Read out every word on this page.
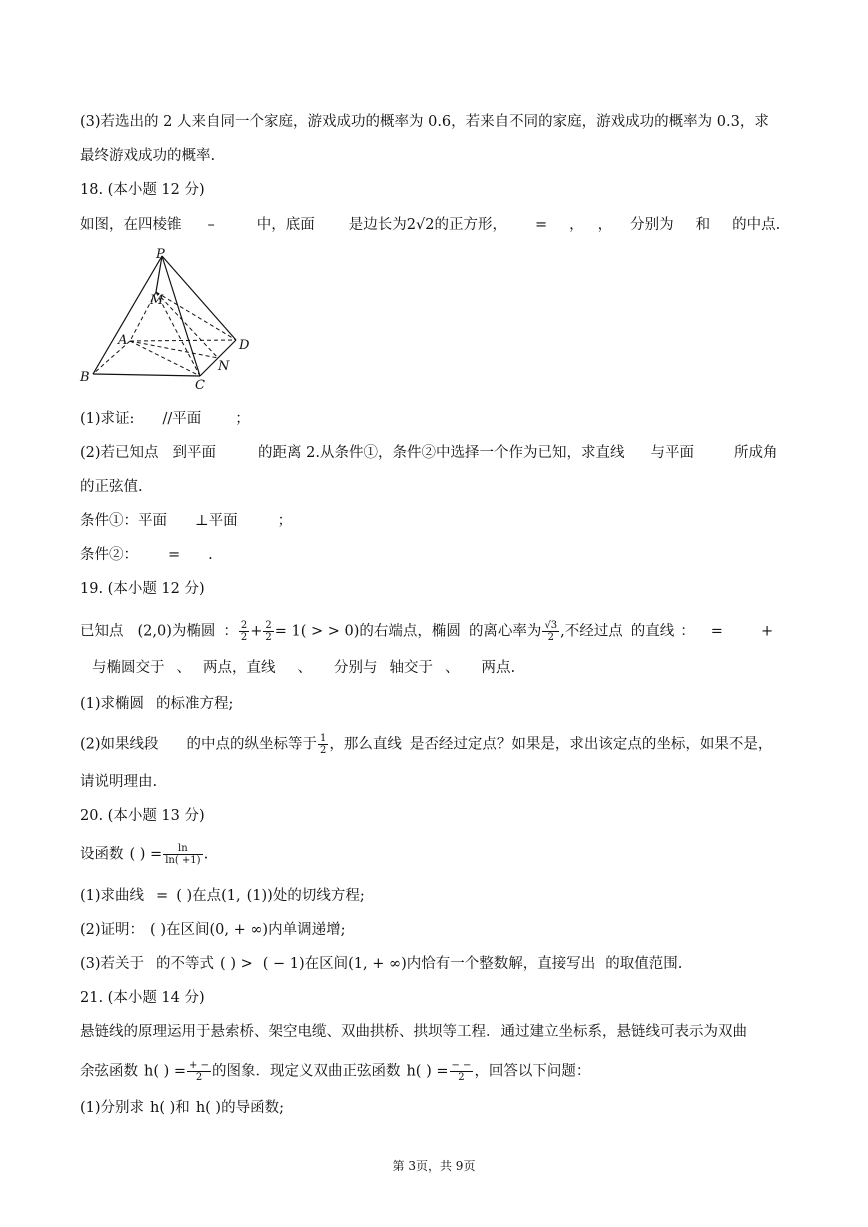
(3)若选出的 2 人来自同一个家庭，游戏成功的概率为 0.6，若来自不同的家庭，游戏成功的概率为 0.3，求
最终游戏成功的概率.
18. (本小题 12 分)
如图，在四棱锥 –	中，底面 是边长为2√2的正方形， = ， ， 分别为 和 的中点.
P
M
A	D
B
C
N
(1)求证: //平面 ；
(2)若已知点 到平面	的距离 2.从条件①，条件②中选择一个作为已知，求直线 与平面	所成角
的正弦值.
条件①：平面 ⊥平面	；
条件②： = .
19. (本小题 12 分)
已知点 (2,0)为椭圆 ： $\frac{2}{2} + \frac{2}{2} = 1$( > > 0)的右端点，椭圆 的离心率为 $\frac{√3}{2}$ ,不经过点 的直线 ： =	+
与椭圆交于 、 两点，直线 、 分别与 轴交于 、 两点.
(1)求椭圆 的标准方程;
(2)如果线段 的中点的纵坐标等于 $\frac{1}{2}$ ，那么直线 是否经过定点？如果是，求出该定点的坐标，如果不是，
请说明理由.
20. (本小题 13 分)
设函数 ( ) = $\frac{\ln}{\ln( +1)}$ .
(1)求曲线 = ( )在点(1, (1))处的切线方程;
(2)证明： ( )在区间(0, + ∞)内单调递增;
(3)若关于 的不等式 ( ) > ( − 1)在区间(1, + ∞)内恰有一个整数解，直接写出 的取值范围.
21. (本小题 14 分)
悬链线的原理运用于悬索桥、架空电缆、双曲拱桥、拱坝等工程．通过建立坐标系，悬链线可表示为双曲
余弦函数 h( ) = $\frac{+ -}{2}$ 的图象．现定义双曲正弦函数 h( ) = $\frac{- -}{2}$ ，回答以下问题：
(1)分别求 h( )和 h( )的导函数;
第 3页，共 9页
